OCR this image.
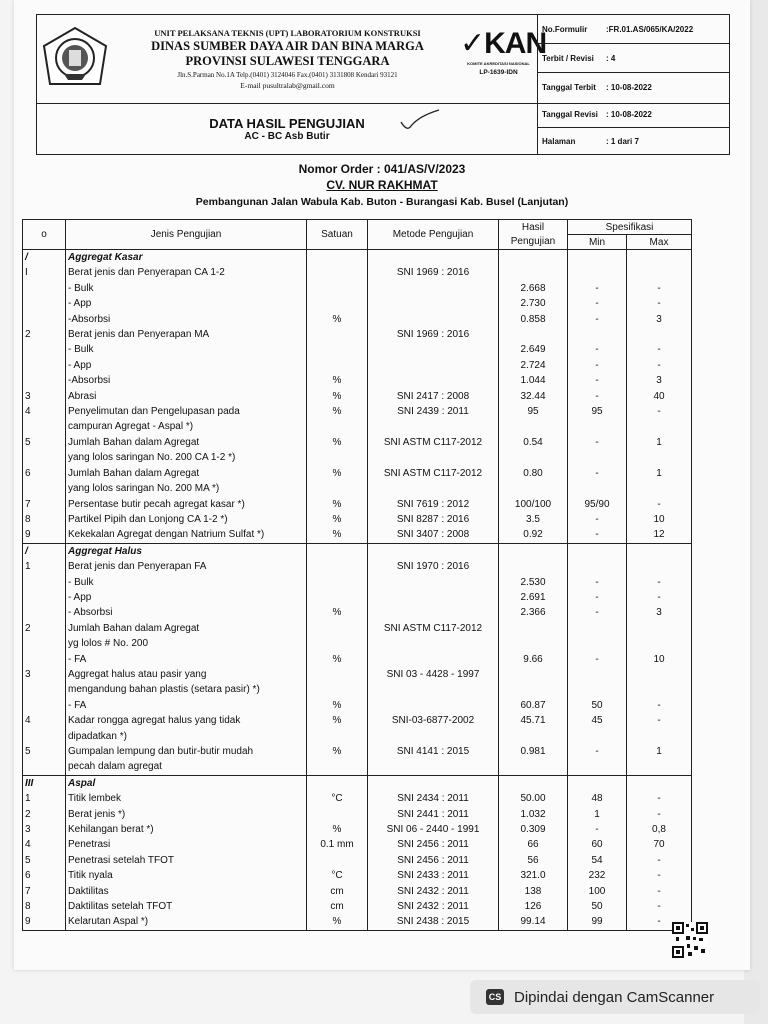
UNIT PELAKSANA TEKNIS (UPT) LABORATORIUM KONSTRUKSI
DINAS SUMBER DAYA AIR DAN BINA MARGA
PROVINSI SULAWESI TENGGARA
Jln.S.Parman No.1A Telp.(0401) 3124046 Fax.(0401) 3131808 Kendari 93121
E-mail pusultralab@gmail.com
✓KAN
KOMITE AKREDITASI NASIONAL
LP-1639-IDN
No.Formulir	:FR.01.AS/065/KA/2022
Terbit / Revisi	: 4
Tanggal Terbit	: 10-08-2022
DATA HASIL PENGUJIAN
AC - BC Asb Butir
Tanggal Revisi	: 10-08-2022
Halaman	: 1 dari 7
Nomor Order : 041/AS/V/2023
CV. NUR RAKHMAT
Pembangunan Jalan Wabula Kab. Buton - Burangasi Kab. Busel (Lanjutan)
o	Jenis Pengujian	Satuan	Metode Pengujian	Hasil	Spesifikasi	
				Pengujian	Min	Max
/	Aggregat Kasar					
I	Berat jenis dan Penyerapan CA 1-2		SNI 1969 : 2016			
	- Bulk			2.668	-	-
	- App			2.730	-	-
	-Absorbsi	%		0.858	-	3
2	Berat jenis dan Penyerapan MA		SNI 1969 : 2016			
	- Bulk			2.649	-	-
	- App			2.724	-	-
	-Absorbsi	%		1.044	-	3
3	Abrasi	%	SNI 2417 : 2008	32.44	-	40
4	Penyelimutan dan Pengelupasan pada	%	SNI 2439 : 2011	95	95	-
	campuran Agregat - Aspal *)					
5	Jumlah Bahan dalam Agregat	%	SNI ASTM C117-2012	0.54	-	1
	yang lolos saringan No. 200 CA 1-2 *)					
6	Jumlah Bahan dalam Agregat	%	SNI ASTM C117-2012	0.80	-	1
	yang lolos saringan No. 200 MA *)					
7	Persentase butir pecah agregat kasar *)	%	SNI 7619 : 2012	100/100	95/90	-
8	Partikel Pipih dan Lonjong CA 1-2 *)	%	SNI 8287 : 2016	3.5	-	10
9	Kekekalan Agregat dengan Natrium Sulfat *)	%	SNI 3407 : 2008	0.92	-	12
/	Aggregat Halus					
1	Berat jenis dan Penyerapan FA		SNI 1970 : 2016			
	- Bulk			2.530	-	-
	- App			2.691	-	-
	- Absorbsi	%		2.366	-	3
2	Jumlah Bahan dalam Agregat		SNI ASTM C117-2012			
	yg lolos # No. 200					
	- FA	%		9.66	-	10
3	Aggregat halus atau pasir yang		SNI 03 - 4428 - 1997			
	mengandung bahan plastis (setara pasir) *)					
	- FA	%		60.87	50	-
4	Kadar rongga agregat halus yang tidak	%	SNI-03-6877-2002	45.71	45	-
	dipadatkan *)					
5	Gumpalan lempung dan butir-butir mudah	%	SNI 4141 : 2015	0.981	-	1
	pecah dalam agregat					
III	Aspal					
1	Titik lembek	°C	SNI 2434 : 2011	50.00	48	-
2	Berat jenis *)		SNI 2441 : 2011	1.032	1	-
3	Kehilangan berat *)	%	SNI 06 - 2440 - 1991	0.309	-	0,8
4	Penetrasi	0.1 mm	SNI 2456 : 2011	66	60	70
5	Penetrasi setelah TFOT		SNI 2456 : 2011	56	54	-
6	Titik nyala	°C	SNI 2433 : 2011	321.0	232	-
7	Daktilitas	cm	SNI 2432 : 2011	138	100	-
8	Daktilitas setelah TFOT	cm	SNI 2432 : 2011	126	50	-
9	Kelarutan Aspal *)	%	SNI 2438 : 2015	99.14	99	-
CS Dipindai dengan CamScanner
